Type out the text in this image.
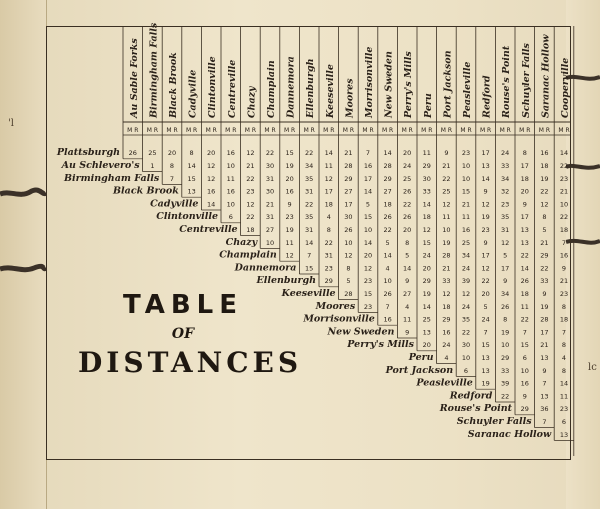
'l
lc
Au Sable Forks
M R
Birmingham Falls
M R
Black Brook
M R
Cadyville
M R
Clintonville
M R
Centreville
M R
Chazy
M R
Champlain
M R
Dannemora
M R
Ellenburgh
M R
Keeseville
M R
Moores
M R
Morrisonville
M R
New Sweden
M R
Perry's Mills
M R
Peru
M R
Port Jackson
M R
Peasleville
M R
Redford
M R
Rouse's Point
M R
Schuyler Falls
M R
Saranac Hollow
M R
Cooperville
M R
Plattsburgh 26 25 20 8 20 16 12 22 15 22 14 21 7 14 20 11 9 23 17 24 8 16 14
Au Schlevero's 1 8 14 12 10 21 30 19 34 11 28 16 28 24 29 21 10 13 33 17 18 22
Birmingham Falls 7 15 12 11 22 31 20 35 12 29 17 29 25 30 22 10 14 34 18 19 23
Black Brook 13 16 16 23 30 16 31 17 27 14 27 26 33 25 15 9 32 20 22 21
Cadyville 14 10 12 21 9 22 18 17 5 18 22 14 12 21 12 23 9 12 10
Clintonville 6 22 31 23 35 4 30 15 26 26 18 11 11 19 35 17 8 22
Centreville 18 27 19 31 8 26 10 22 20 12 10 16 23 31 13 5 18
Chazy 10 11 14 22 10 14 5 8 15 19 25 9 12 13 21 7
Champlain 12 7 31 12 20 14 5 24 28 34 17 5 22 29 16
Dannemora 15 23 8 12 4 14 20 21 24 12 17 14 22 9
Ellenburgh 29 5 23 10 9 29 33 39 22 9 26 33 21
Keeseville 28 15 26 27 19 12 12 20 34 18 9 23
Moores 23 7 4 14 18 24 5 26 11 19 8
Morrisonville 16 11 25 29 35 24 8 22 28 18
New Sweden 9 13 16 22 7 19 7 17 7
Perry's Mills 20 24 30 15 10 15 21 8
Peru 4 10 13 29 6 13 4
Port Jackson 6 13 33 10 9 8
Peasleville 19 39 16 7 14
Redford 22 9 13 11
Rouse's Point 29 36 23
Schuyler Falls 7 6
Saranac Hollow 13
TABLE
OF
DISTANCES
